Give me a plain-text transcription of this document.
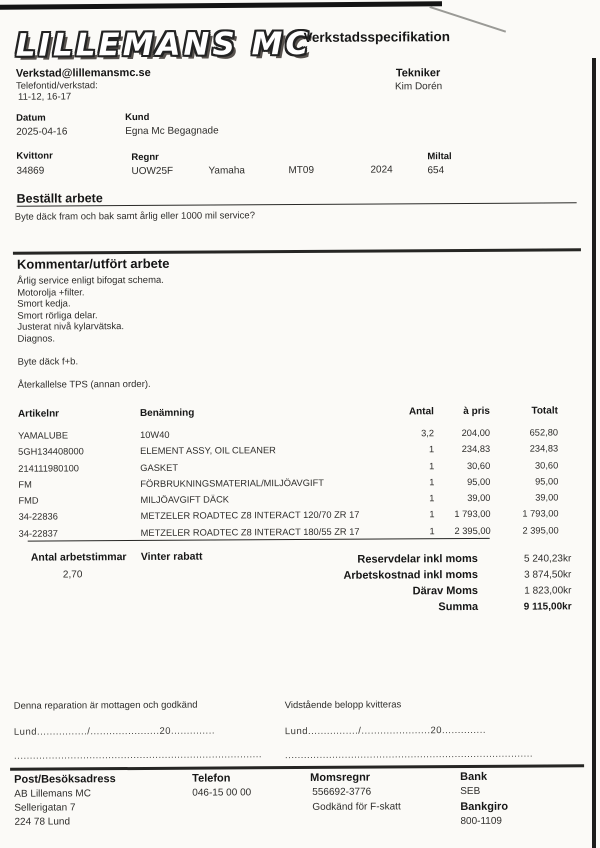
LILLEMANS MC
Verkstadsspecifikation
Verkstad@lillemansmc.se
Telefontid/verkstad:
11-12, 16-17
Tekniker
Kim Dorén
Datum
2025-04-16
Kund
Egna Mc Begagnade
Kvittonr
34869
Regnr
UOW25F	Yamaha	MT09	2024
Miltal
654
Beställt arbete
Byte däck fram och bak samt årlig eller 1000 mil service?
Kommentar/utfört arbete
Årlig service enligt bifogat schema.
Motorolja +filter.
Smort kedja.
Smort rörliga delar.
Justerat nivå kylarvätska.
Diagnos.
Byte däck f+b.
Återkallelse TPS (annan order).
Artikelnr	Benämning	Antal	à pris	Totalt
YAMALUBE	10W40	3,2	204,00	652,80
5GH134408000	ELEMENT ASSY, OIL CLEANER	1	234,83	234,83
214111980100	GASKET	1	30,60	30,60
FM	FÖRBRUKNINGSMATERIAL/MILJÖAVGIFT	1	95,00	95,00
FMD	MILJÖAVGIFT DÄCK	1	39,00	39,00
34-22836	METZELER ROADTEC Z8 INTERACT 120/70 ZR 17	1	1 793,00	1 793,00
34-22837	METZELER ROADTEC Z8 INTERACT 180/55 ZR 17	1	2 395,00	2 395,00
Antal arbetstimmar Vinter rabatt
2,70
Reservdelar inkl moms	5 240,23kr
Arbetskostnad inkl moms	3 874,50kr
Därav Moms	1 823,00kr
Summa	9 115,00kr
Denna reparation är mottagen och godkänd	Vidstående belopp kvitteras
Lund................/......................20..............	Lund................/......................20..............
............................................................................... ...............................................................................
Post/Besöksadress	Telefon	Momsregnr	Bank
AB Lillemans MC
Sellerigatan 7
224 78 Lund
046-15 00 00	556692-3776
Godkänd för F-skatt
SEB
Bankgiro
800-1109
